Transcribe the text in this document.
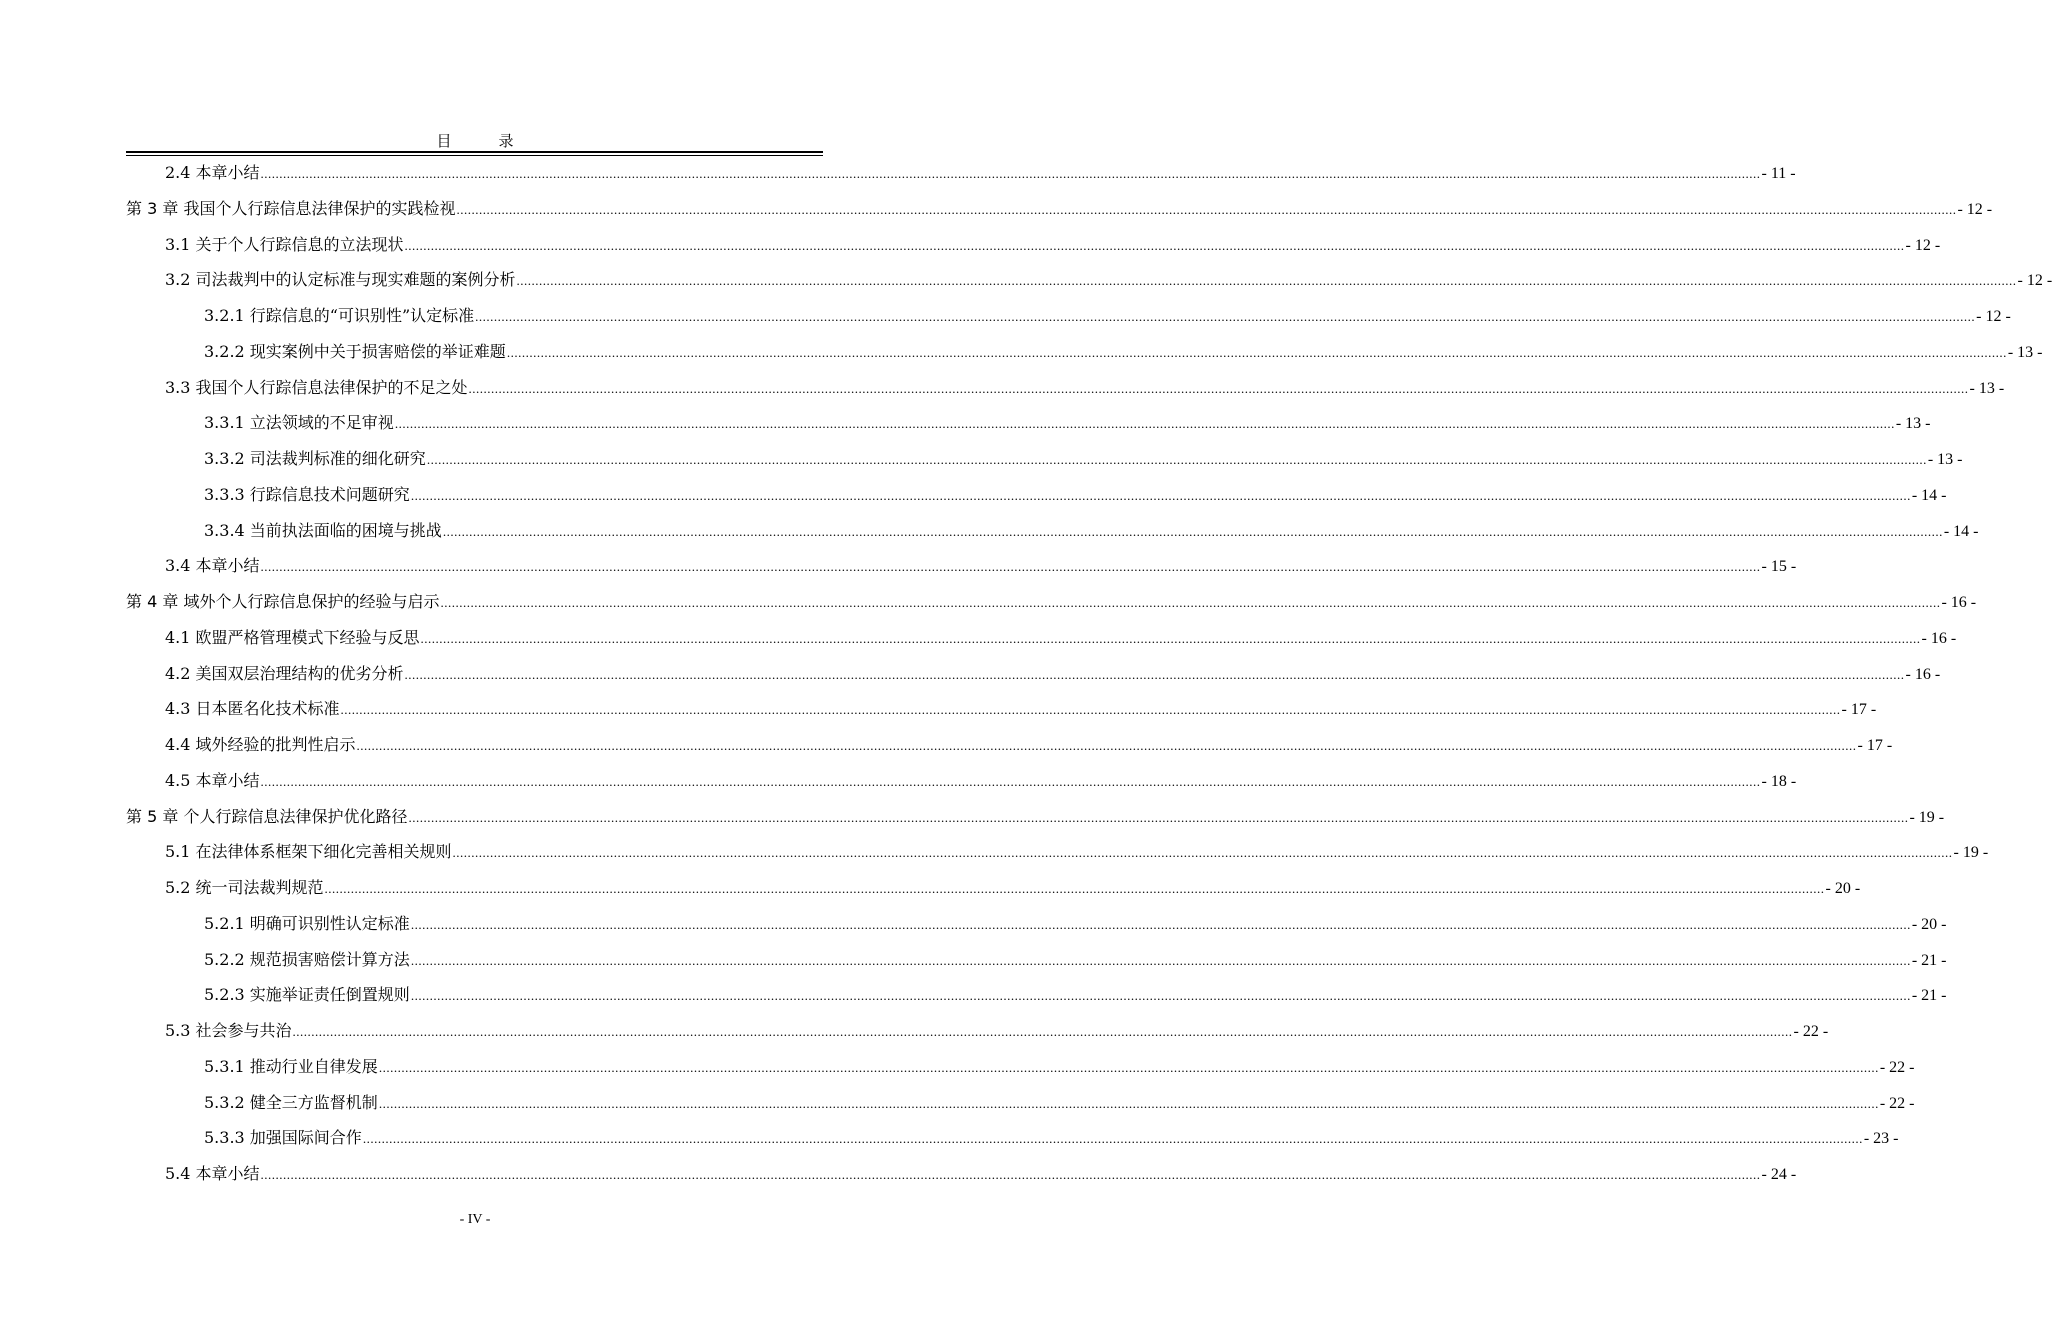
目　录
2.4 本章小结 ................................................................................................................................................................................................................................................................................................................................................................................................................ - 11 -
第 3 章 我国个人行踪信息法律保护的实践检视 ................................................................................................................................................................................................................................................................................................................................................................................................................ - 12 -
3.1 关于个人行踪信息的立法现状 ................................................................................................................................................................................................................................................................................................................................................................................................................ - 12 -
3.2 司法裁判中的认定标准与现实难题的案例分析 ................................................................................................................................................................................................................................................................................................................................................................................................................ - 12 -
3.2.1 行踪信息的“可识别性”认定标准 ................................................................................................................................................................................................................................................................................................................................................................................................................ - 12 -
3.2.2 现实案例中关于损害赔偿的举证难题 ................................................................................................................................................................................................................................................................................................................................................................................................................ - 13 -
3.3 我国个人行踪信息法律保护的不足之处 ................................................................................................................................................................................................................................................................................................................................................................................................................ - 13 -
3.3.1 立法领域的不足审视 ................................................................................................................................................................................................................................................................................................................................................................................................................ - 13 -
3.3.2 司法裁判标准的细化研究 ................................................................................................................................................................................................................................................................................................................................................................................................................ - 13 -
3.3.3 行踪信息技术问题研究 ................................................................................................................................................................................................................................................................................................................................................................................................................ - 14 -
3.3.4 当前执法面临的困境与挑战 ................................................................................................................................................................................................................................................................................................................................................................................................................ - 14 -
3.4 本章小结 ................................................................................................................................................................................................................................................................................................................................................................................................................ - 15 -
第 4 章 域外个人行踪信息保护的经验与启示 ................................................................................................................................................................................................................................................................................................................................................................................................................ - 16 -
4.1 欧盟严格管理模式下经验与反思 ................................................................................................................................................................................................................................................................................................................................................................................................................ - 16 -
4.2 美国双层治理结构的优劣分析 ................................................................................................................................................................................................................................................................................................................................................................................................................ - 16 -
4.3 日本匿名化技术标准 ................................................................................................................................................................................................................................................................................................................................................................................................................ - 17 -
4.4 域外经验的批判性启示 ................................................................................................................................................................................................................................................................................................................................................................................................................ - 17 -
4.5 本章小结 ................................................................................................................................................................................................................................................................................................................................................................................................................ - 18 -
第 5 章 个人行踪信息法律保护优化路径 ................................................................................................................................................................................................................................................................................................................................................................................................................ - 19 -
5.1 在法律体系框架下细化完善相关规则 ................................................................................................................................................................................................................................................................................................................................................................................................................ - 19 -
5.2 统一司法裁判规范 ................................................................................................................................................................................................................................................................................................................................................................................................................ - 20 -
5.2.1 明确可识别性认定标准 ................................................................................................................................................................................................................................................................................................................................................................................................................ - 20 -
5.2.2 规范损害赔偿计算方法 ................................................................................................................................................................................................................................................................................................................................................................................................................ - 21 -
5.2.3 实施举证责任倒置规则 ................................................................................................................................................................................................................................................................................................................................................................................................................ - 21 -
5.3 社会参与共治 ................................................................................................................................................................................................................................................................................................................................................................................................................ - 22 -
5.3.1 推动行业自律发展 ................................................................................................................................................................................................................................................................................................................................................................................................................ - 22 -
5.3.2 健全三方监督机制 ................................................................................................................................................................................................................................................................................................................................................................................................................ - 22 -
5.3.3 加强国际间合作 ................................................................................................................................................................................................................................................................................................................................................................................................................ - 23 -
5.4 本章小结 ................................................................................................................................................................................................................................................................................................................................................................................................................ - 24 -
- IV -
